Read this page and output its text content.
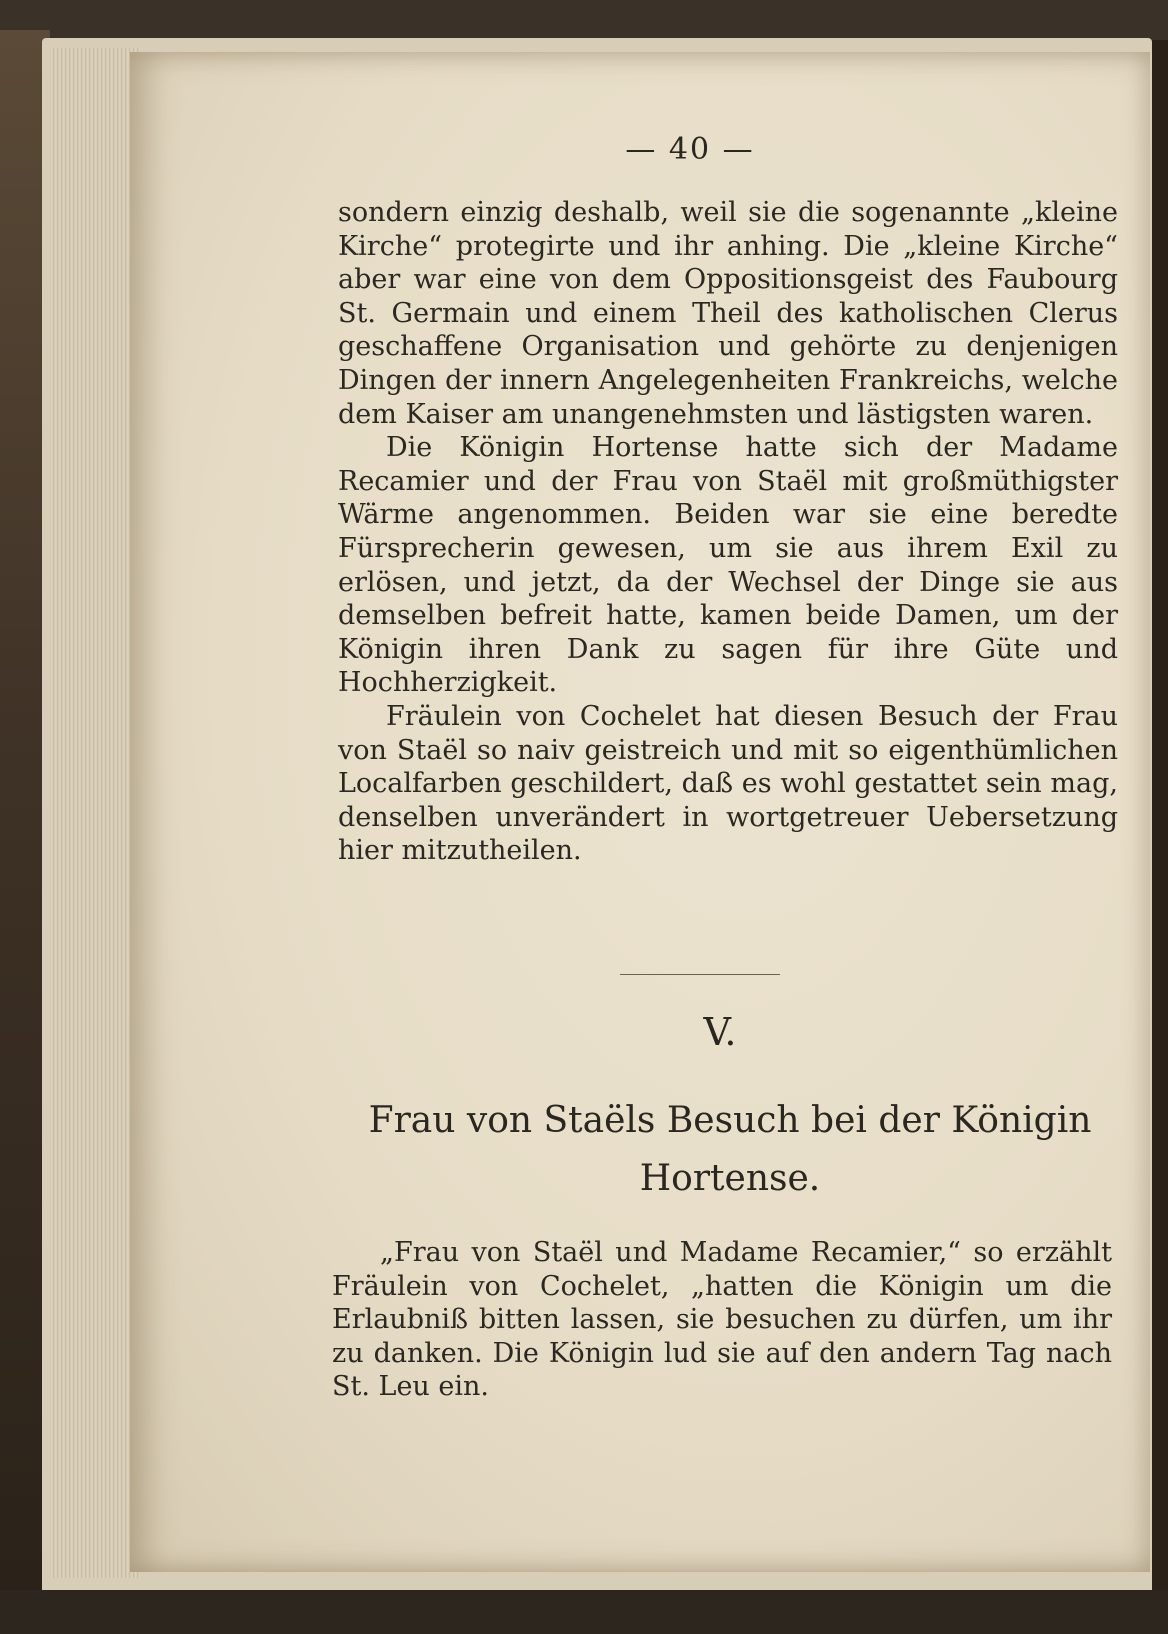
— 40 —

sondern einzig deshalb, weil sie die sogenannte „kleine Kirche“ protegirte und ihr anhing. Die „kleine Kirche“ aber war eine von dem Oppositionsgeist des Faubourg St. Germain und einem Theil des katholischen Clerus geschaffene Organisation und gehörte zu denjenigen Dingen der innern Angelegenheiten Frankreichs, welche dem Kaiser am unangenehmsten und lästigsten waren.

Die Königin Hortense hatte sich der Madame Recamier und der Frau von Staël mit großmüthigster Wärme angenommen. Beiden war sie eine beredte Fürsprecherin gewesen, um sie aus ihrem Exil zu erlösen, und jetzt, da der Wechsel der Dinge sie aus demselben befreit hatte, kamen beide Damen, um der Königin ihren Dank zu sagen für ihre Güte und Hochherzigkeit.

Fräulein von Cochelet hat diesen Besuch der Frau von Staël so naiv geistreich und mit so eigenthümlichen Localfarben geschildert, daß es wohl gestattet sein mag, denselben unverändert in wortgetreuer Uebersetzung hier mitzutheilen.

V.
Frau von Staëls Besuch bei der Königin Hortense.

„Frau von Staël und Madame Recamier,“ so erzählt Fräulein von Cochelet, „hatten die Königin um die Erlaubniß bitten lassen, sie besuchen zu dürfen, um ihr zu danken. Die Königin lud sie auf den andern Tag nach St. Leu ein.
